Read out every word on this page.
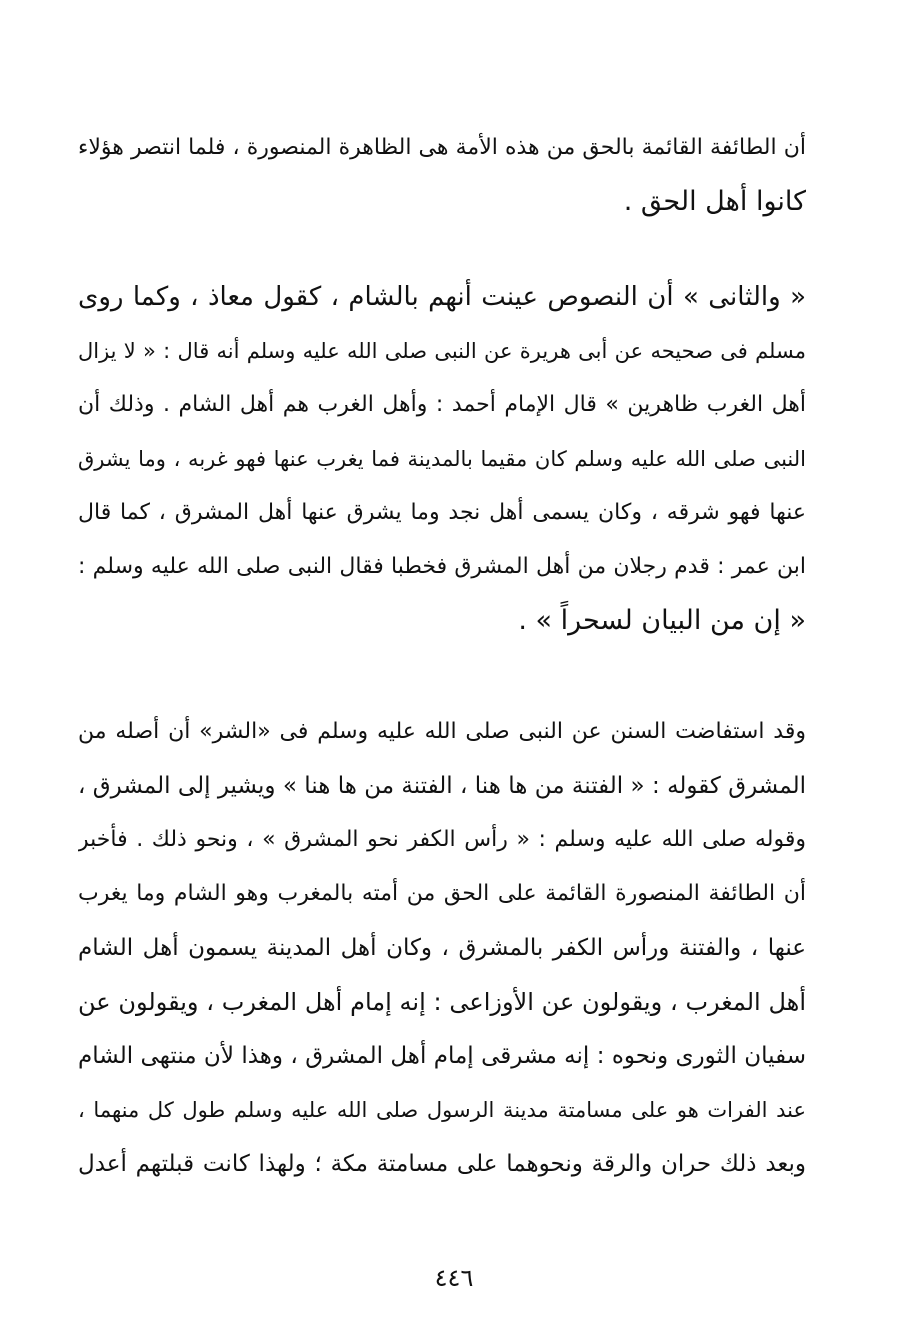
أن الطائفة القائمة بالحق من هذه الأمة هى الظاهرة المنصورة ، فلما انتصر هؤلاء
كانوا أهل الحق .
« والثانى » أن النصوص عينت أنهم بالشام ، كقول معاذ ، وكما روى
مسلم فى صحيحه عن أبى هريرة عن النبى صلى الله عليه وسلم أنه قال : « لا يزال
أهل الغرب ظاهرين » قال الإمام أحمد : وأهل الغرب هم أهل الشام . وذلك أن
النبى صلى الله عليه وسلم كان مقيما بالمدينة فما يغرب عنها فهو غربه ، وما يشرق
عنها فهو شرقه ، وكان يسمى أهل نجد وما يشرق عنها أهل المشرق ، كما قال
ابن عمر : قدم رجلان من أهل المشرق فخطبا فقال النبى صلى الله عليه وسلم :
« إن من البيان لسحراً » .
وقد استفاضت السنن عن النبى صلى الله عليه وسلم فى «الشر» أن أصله من
المشرق كقوله : « الفتنة من ها هنا ، الفتنة من ها هنا » ويشير إلى المشرق ،
وقوله صلى الله عليه وسلم : « رأس الكفر نحو المشرق » ، ونحو ذلك . فأخبر
أن الطائفة المنصورة القائمة على الحق من أمته بالمغرب وهو الشام وما يغرب
عنها ، والفتنة ورأس الكفر بالمشرق ، وكان أهل المدينة يسمون أهل الشام
أهل المغرب ، ويقولون عن الأوزاعى : إنه إمام أهل المغرب ، ويقولون عن
سفيان الثورى ونحوه : إنه مشرقى إمام أهل المشرق ، وهذا لأن منتهى الشام
عند الفرات هو على مسامتة مدينة الرسول صلى الله عليه وسلم طول كل منهما ،
وبعد ذلك حران والرقة ونحوهما على مسامتة مكة ؛ ولهذا كانت قبلتهم أعدل
٤٤٦
